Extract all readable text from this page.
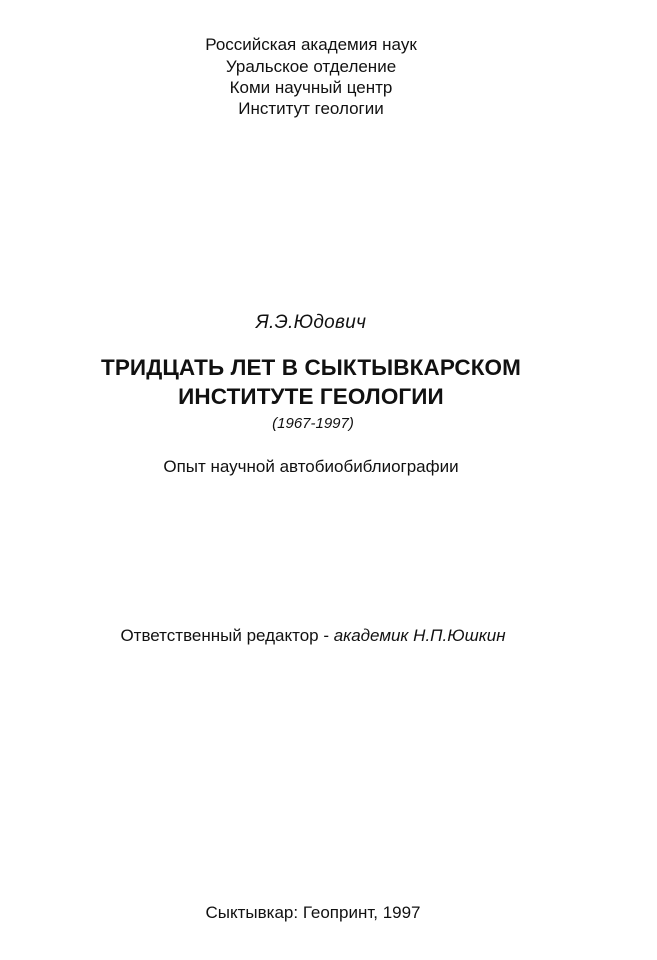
Российская академия наук
Уральское отделение
Коми научный центр
Институт геологии
Я.Э.Юдович
ТРИДЦАТЬ ЛЕТ В СЫКТЫВКАРСКОМ
ИНСТИТУТЕ ГЕОЛОГИИ
(1967-1997)
Опыт научной автобиобиблиографии
Ответственный редактор - академик Н.П.Юшкин
Сыктывкар: Геопринт, 1997
